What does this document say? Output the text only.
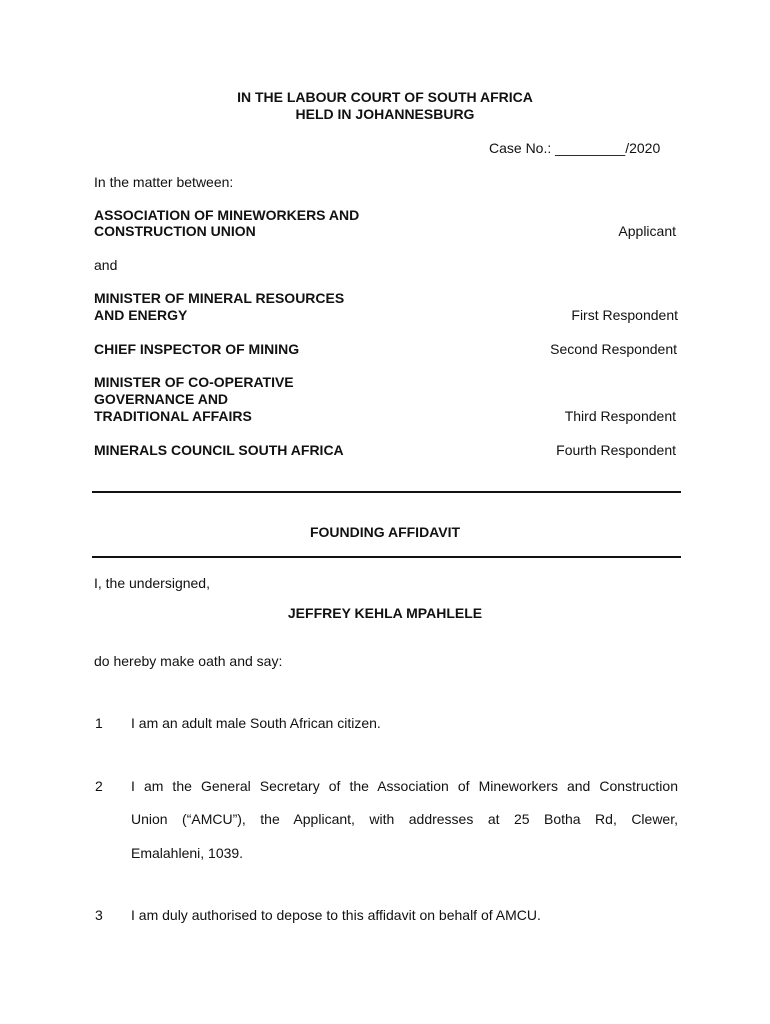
IN THE LABOUR COURT OF SOUTH AFRICA
HELD IN JOHANNESBURG
Case No.: _________/2020
In the matter between:
ASSOCIATION OF MINEWORKERS AND
CONSTRUCTION UNION	Applicant
and
MINISTER OF MINERAL RESOURCES
AND ENERGY	First Respondent
CHIEF INSPECTOR OF MINING	Second Respondent
MINISTER OF CO-OPERATIVE
GOVERNANCE AND
TRADITIONAL AFFAIRS	Third Respondent
MINERALS COUNCIL SOUTH AFRICA	Fourth Respondent
FOUNDING AFFIDAVIT
I, the undersigned,
JEFFREY KEHLA MPAHLELE
do hereby make oath and say:
1 I am an adult male South African citizen.
2 I am the General Secretary of the Association of Mineworkers and Construction
Union (“AMCU”), the Applicant, with addresses at 25 Botha Rd, Clewer,
Emalahleni, 1039.
3 I am duly authorised to depose to this affidavit on behalf of AMCU.
